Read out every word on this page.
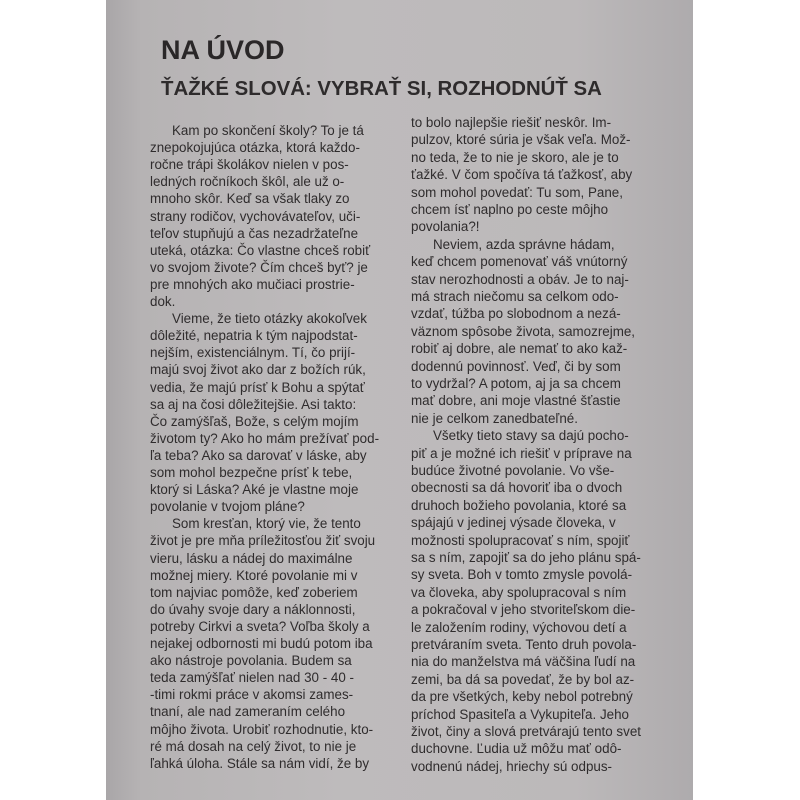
NA ÚVOD
ŤAŽKÉ SLOVÁ: VYBRAŤ SI, ROZHODNÚŤ SA
Kam po skončení školy? To je tá
znepokojujúca otázka, ktorá každo-
ročne trápi školákov nielen v pos-
ledných ročníkoch škôl, ale už o-
mnoho skôr. Keď sa však tlaky zo
strany rodičov, vychovávateľov, uči-
teľov stupňujú a čas nezadržateľne
uteká, otázka: Čo vlastne chceš robiť
vo svojom živote? Čím chceš byť? je
pre mnohých ako mučiaci prostrie-
dok.
Vieme, že tieto otázky akokoľvek
dôležité, nepatria k tým najpodstat-
nejším, existenciálnym. Tí, čo prijí-
majú svoj život ako dar z božích rúk,
vedia, že majú prísť k Bohu a spýtať
sa aj na čosi dôležitejšie. Asi takto:
Čo zamýšľaš, Bože, s celým mojím
životom ty? Ako ho mám prežívať pod-
ľa teba? Ako sa darovať v láske, aby
som mohol bezpečne prísť k tebe,
ktorý si Láska? Aké je vlastne moje
povolanie v tvojom pláne?
Som kresťan, ktorý vie, že tento
život je pre mňa príležitosťou žiť svoju
vieru, lásku a nádej do maximálne
možnej miery. Ktoré povolanie mi v
tom najviac pomôže, keď zoberiem
do úvahy svoje dary a náklonnosti,
potreby Cirkvi a sveta? Voľba školy a
nejakej odbornosti mi budú potom iba
ako nástroje povolania. Budem sa
teda zamýšľať nielen nad 30 - 40 -
-timi rokmi práce v akomsi zames-
tnaní, ale nad zameraním celého
môjho života. Urobiť rozhodnutie, kto-
ré má dosah na celý život, to nie je
ľahká úloha. Stále sa nám vidí, že by
to bolo najlepšie riešiť neskôr. Im-
pulzov, ktoré súria je však veľa. Mož-
no teda, že to nie je skoro, ale je to
ťažké. V čom spočíva tá ťažkosť, aby
som mohol povedať: Tu som, Pane,
chcem ísť naplno po ceste môjho
povolania?!
Neviem, azda správne hádam,
keď chcem pomenovať váš vnútorný
stav nerozhodnosti a obáv. Je to naj-
má strach niečomu sa celkom odo-
vzdať, túžba po slobodnom a nezá-
väznom spôsobe života, samozrejme,
robiť aj dobre, ale nemať to ako kaž-
dodennú povinnosť. Veď, či by som
to vydržal? A potom, aj ja sa chcem
mať dobre, ani moje vlastné šťastie
nie je celkom zanedbateľné.
Všetky tieto stavy sa dajú pocho-
piť a je možné ich riešiť v príprave na
budúce životné povolanie. Vo vše-
obecnosti sa dá hovoriť iba o dvoch
druhoch božieho povolania, ktoré sa
spájajú v jedinej výsade človeka, v
možnosti spolupracovať s ním, spojiť
sa s ním, zapojiť sa do jeho plánu spá-
sy sveta. Boh v tomto zmysle povolá-
va človeka, aby spolupracoval s ním
a pokračoval v jeho stvoriteľskom die-
le založením rodiny, výchovou detí a
pretváraním sveta. Tento druh povola-
nia do manželstva má väčšina ľudí na
zemi, ba dá sa povedať, že by bol az-
da pre všetkých, keby nebol potrebný
príchod Spasiteľa a Vykupiteľa. Jeho
život, činy a slová pretvárajú tento svet
duchovne. Ľudia už môžu mať odô-
vodnenú nádej, hriechy sú odpus-
